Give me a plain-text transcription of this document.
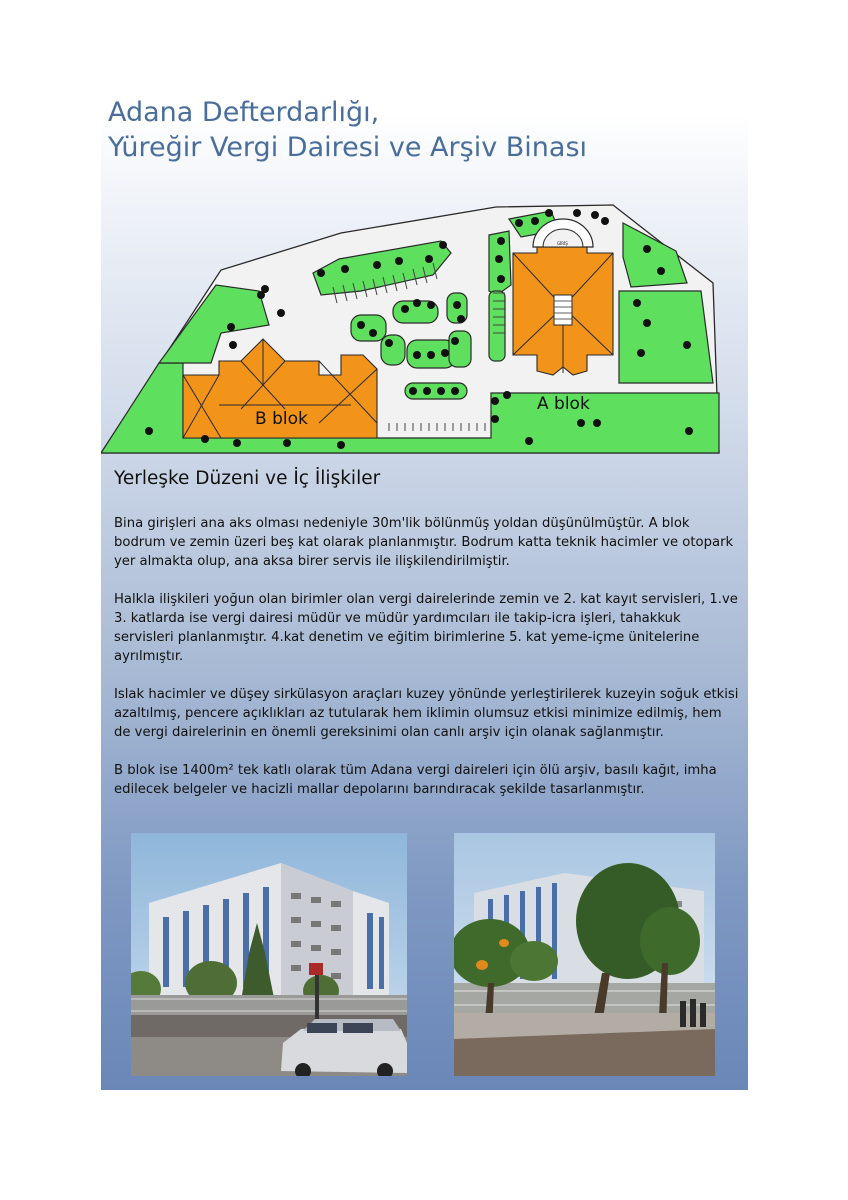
Adana Defterdarlığı,
Yüreğir Vergi Dairesi ve Arşiv Binası
B blok
A blok
GİRİŞ
Yerleşke Düzeni ve İç İlişkiler

Bina girişleri ana aks olması nedeniyle 30m'lik bölünmüş yoldan düşünülmüştür. A blok bodrum ve zemin üzeri beş kat olarak planlanmıştır. Bodrum katta teknik hacimler ve otopark yer almakta olup, ana aksa birer servis ile ilişkilendirilmiştir.

Halkla ilişkileri yoğun olan birimler olan vergi dairelerinde zemin ve 2. kat kayıt servisleri, 1.ve 3. katlarda ise vergi dairesi müdür ve müdür yardımcıları ile takip-icra işleri, tahakkuk servisleri planlanmıştır. 4.kat denetim ve eğitim birimlerine 5. kat yeme-içme ünitelerine ayrılmıştır.

Islak hacimler ve düşey sirkülasyon araçları kuzey yönünde yerleştirilerek kuzeyin soğuk etkisi azaltılmış, pencere açıklıkları az tutularak hem iklimin olumsuz etkisi minimize edilmiş, hem de vergi dairelerinin en önemli gereksinimi olan canlı arşiv için olanak sağlanmıştır.

B blok ise 1400m² tek katlı olarak tüm Adana vergi daireleri için ölü arşiv, basılı kağıt, imha edilecek belgeler ve hacizli mallar depolarını barındıracak şekilde tasarlanmıştır.
